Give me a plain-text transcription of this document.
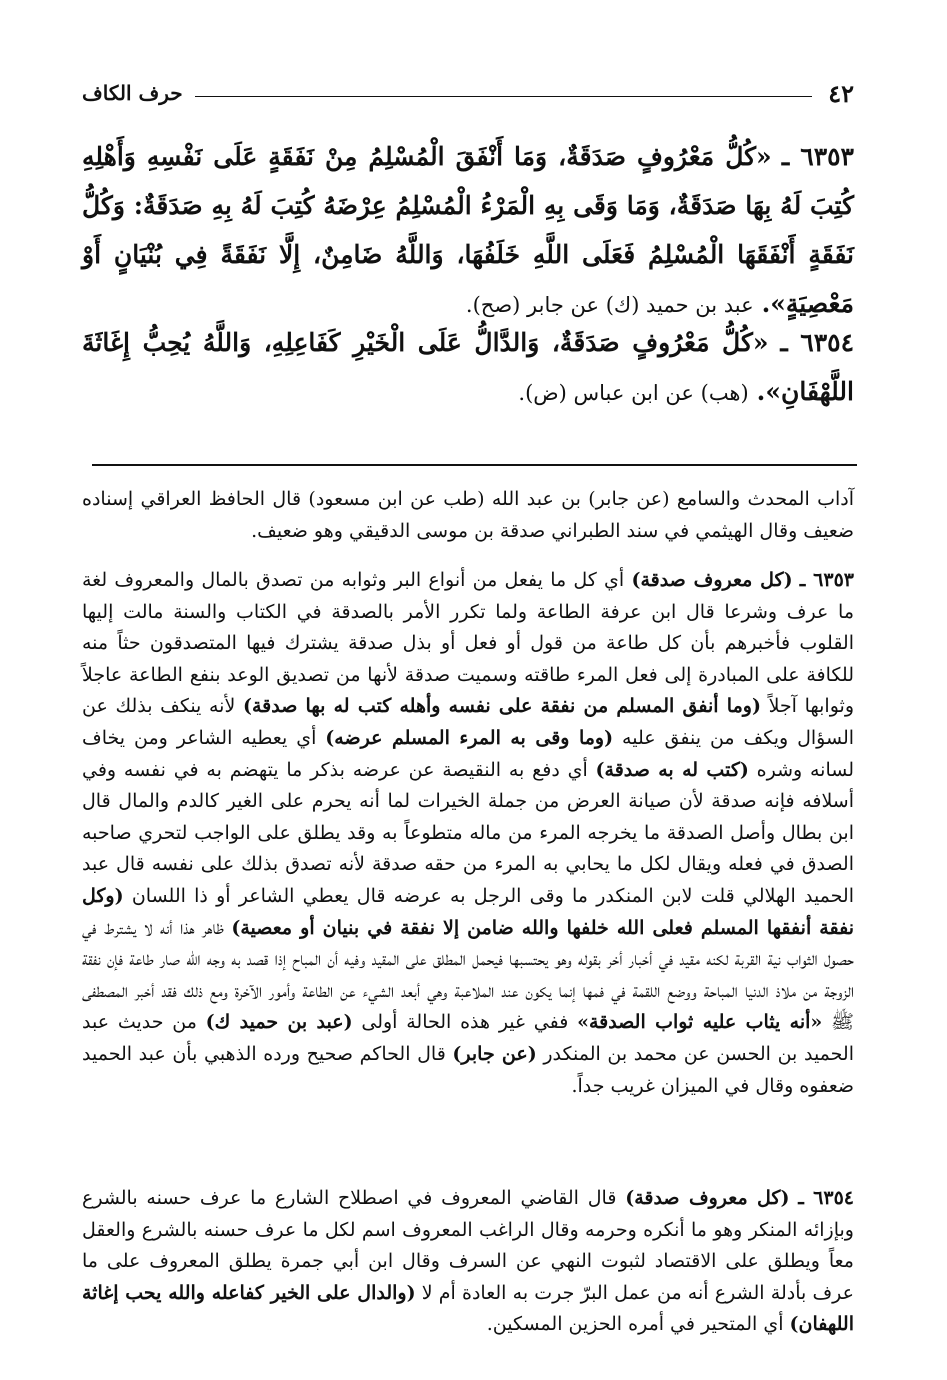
٤٢
حرف الكاف
٦٣٥٣ ـ «كُلُّ مَعْرُوفٍ صَدَقَةٌ، وَمَا أَنْفَقَ الْمُسْلِمُ مِنْ نَفَقَةٍ عَلَى نَفْسِهِ وَأَهْلِهِ كُتِبَ لَهُ بِهَا صَدَقَةٌ، وَمَا وَقَى بِهِ الْمَرْءُ الْمُسْلِمُ عِرْضَهُ كُتِبَ لَهُ بِهِ صَدَقَةٌ: وَكُلُّ نَفَقَةٍ أَنْفَقَهَا الْمُسْلِمُ فَعَلَى اللَّهِ خَلَفُهَا، وَاللَّهُ ضَامِنٌ، إِلَّا نَفَقَةً فِي بُنْيَانٍ أَوْ مَعْصِيَةٍ». عبد بن حميد (ك) عن جابر (صح).
٦٣٥٤ ـ «كُلُّ مَعْرُوفٍ صَدَقَةٌ، وَالدَّالُّ عَلَى الْخَيْرِ كَفَاعِلِهِ، وَاللَّهُ يُحِبُّ إِغَاثَةَ اللَّهْفَانِ». (هب) عن ابن عباس (ض).
آداب المحدث والسامع (عن جابر) بن عبد الله (طب عن ابن مسعود) قال الحافظ العراقي إسناده ضعيف وقال الهيثمي في سند الطبراني صدقة بن موسى الدقيقي وهو ضعيف.
٦٣٥٣ ـ (كل معروف صدقة) أي كل ما يفعل من أنواع البر وثوابه من تصدق بالمال والمعروف لغة ما عرف وشرعا قال ابن عرفة الطاعة ولما تكرر الأمر بالصدقة في الكتاب والسنة مالت إليها القلوب فأخبرهم بأن كل طاعة من قول أو فعل أو بذل صدقة يشترك فيها المتصدقون حثاً منه للكافة على المبادرة إلى فعل المرء طاقته وسميت صدقة لأنها من تصديق الوعد بنفع الطاعة عاجلاً وثوابها آجلاً (وما أنفق المسلم من نفقة على نفسه وأهله كتب له بها صدقة) لأنه ينكف بذلك عن السؤال ويكف من ينفق عليه (وما وقى به المرء المسلم عرضه) أي يعطيه الشاعر ومن يخاف لسانه وشره (كتب له به صدقة) أي دفع به النقيصة عن عرضه بذكر ما يتهضم به في نفسه وفي أسلافه فإنه صدقة لأن صيانة العرض من جملة الخيرات لما أنه يحرم على الغير كالدم والمال قال ابن بطال وأصل الصدقة ما يخرجه المرء من ماله متطوعاً به وقد يطلق على الواجب لتحري صاحبه الصدق في فعله ويقال لكل ما يحابي به المرء من حقه صدقة لأنه تصدق بذلك على نفسه قال عبد الحميد الهلالي قلت لابن المنكدر ما وقى الرجل به عرضه قال يعطي الشاعر أو ذا اللسان (وكل نفقة أنفقها المسلم فعلى الله خلفها والله ضامن إلا نفقة في بنيان أو معصية) ظاهر هذا أنه لا يشترط في حصول الثواب نية القربة لكنه مقيد في أخبار أخر بقوله وهو يحتسبها فيحمل المطلق على المقيد وفيه أن المباح إذا قصد به وجه الله صار طاعة فإن نفقة الزوجة من ملاذ الدنيا المباحة ووضع اللقمة في فمها إنما يكون عند الملاعبة وهي أبعد الشيء عن الطاعة وأمور الآخرة ومع ذلك فقد أخبر المصطفى ﷺ «أنه يثاب عليه ثواب الصدقة» ففي غير هذه الحالة أولى (عبد بن حميد ك) من حديث عبد الحميد بن الحسن عن محمد بن المنكدر (عن جابر) قال الحاكم صحيح ورده الذهبي بأن عبد الحميد ضعفوه وقال في الميزان غريب جداً.
٦٣٥٤ ـ (كل معروف صدقة) قال القاضي المعروف في اصطلاح الشارع ما عرف حسنه بالشرع وبإزائه المنكر وهو ما أنكره وحرمه وقال الراغب المعروف اسم لكل ما عرف حسنه بالشرع والعقل معاً ويطلق على الاقتصاد لثبوت النهي عن السرف وقال ابن أبي جمرة يطلق المعروف على ما عرف بأدلة الشرع أنه من عمل البرّ جرت به العادة أم لا (والدال على الخير كفاعله والله يحب إغاثة اللهفان) أي المتحير في أمره الحزين المسكين.
